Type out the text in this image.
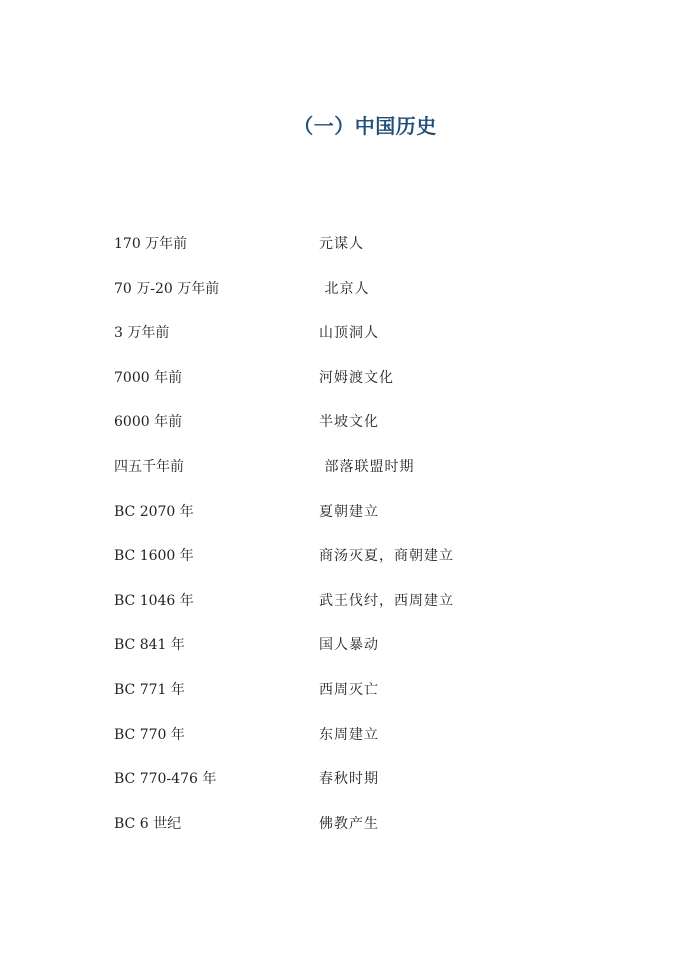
（一）中国历史
170 万年前	元谋人
70 万-20 万年前	北京人
3 万年前	山顶洞人
7000 年前	河姆渡文化
6000 年前	半坡文化
四五千年前	部落联盟时期
BC 2070 年	夏朝建立
BC 1600 年	商汤灭夏，商朝建立
BC 1046 年	武王伐纣，西周建立
BC 841 年	国人暴动
BC 771 年	西周灭亡
BC 770 年	东周建立
BC 770-476 年	春秋时期
BC 6 世纪	佛教产生
